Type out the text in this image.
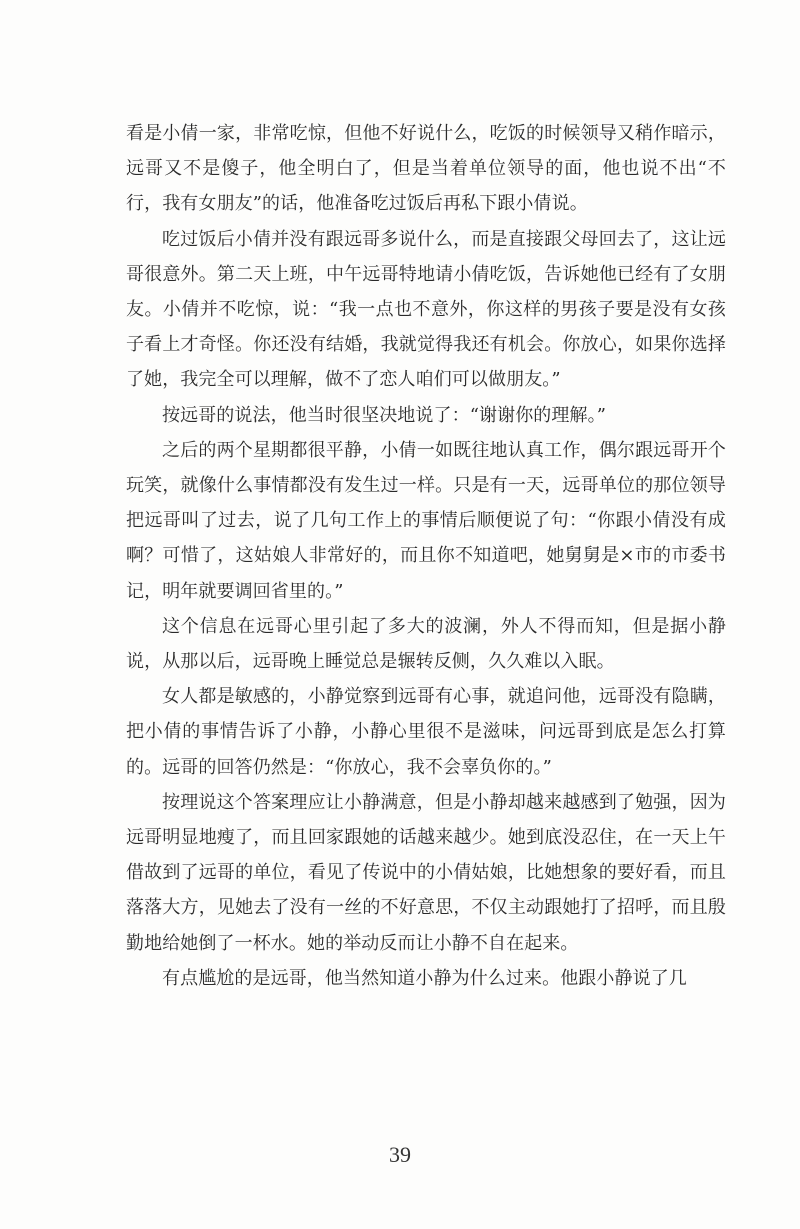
看是小倩一家，非常吃惊，但他不好说什么，吃饭的时候领导又稍作暗示，远哥又不是傻子，他全明白了，但是当着单位领导的面，他也说不出“不行，我有女朋友”的话，他准备吃过饭后再私下跟小倩说。

吃过饭后小倩并没有跟远哥多说什么，而是直接跟父母回去了，这让远哥很意外。第二天上班，中午远哥特地请小倩吃饭，告诉她他已经有了女朋友。小倩并不吃惊，说：“我一点也不意外，你这样的男孩子要是没有女孩子看上才奇怪。你还没有结婚，我就觉得我还有机会。你放心，如果你选择了她，我完全可以理解，做不了恋人咱们可以做朋友。”

按远哥的说法，他当时很坚决地说了：“谢谢你的理解。”

之后的两个星期都很平静，小倩一如既往地认真工作，偶尔跟远哥开个玩笑，就像什么事情都没有发生过一样。只是有一天，远哥单位的那位领导把远哥叫了过去，说了几句工作上的事情后顺便说了句：“你跟小倩没有成啊？可惜了，这姑娘人非常好的，而且你不知道吧，她舅舅是×市的市委书记，明年就要调回省里的。”

这个信息在远哥心里引起了多大的波澜，外人不得而知，但是据小静说，从那以后，远哥晚上睡觉总是辗转反侧，久久难以入眠。

女人都是敏感的，小静觉察到远哥有心事，就追问他，远哥没有隐瞒，把小倩的事情告诉了小静，小静心里很不是滋味，问远哥到底是怎么打算的。远哥的回答仍然是：“你放心，我不会辜负你的。”

按理说这个答案理应让小静满意，但是小静却越来越感到了勉强，因为远哥明显地瘦了，而且回家跟她的话越来越少。她到底没忍住，在一天上午借故到了远哥的单位，看见了传说中的小倩姑娘，比她想象的要好看，而且落落大方，见她去了没有一丝的不好意思，不仅主动跟她打了招呼，而且殷勤地给她倒了一杯水。她的举动反而让小静不自在起来。

有点尴尬的是远哥，他当然知道小静为什么过来。他跟小静说了几

39
